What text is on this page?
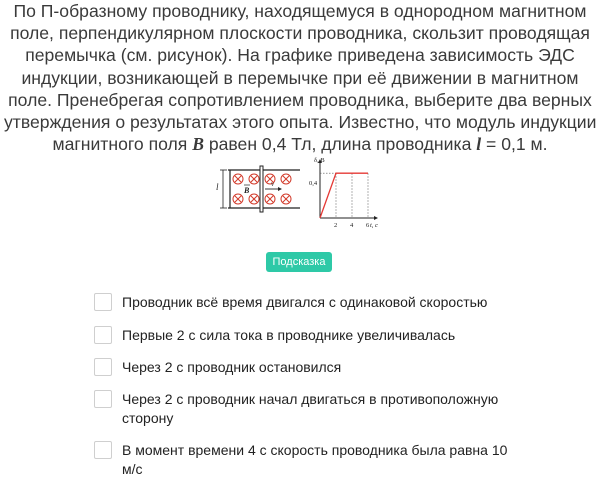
По П-образному проводнику, находящемуся в однородном магнитном
поле, перпендикулярном плоскости проводника, скользит проводящая
перемычка (см. рисунок). На графике приведена зависимость ЭДС
индукции, возникающей в перемычке при её движении в магнитном
поле. Пренебрегая сопротивлением проводника, выберите два верных
утверждения о результатах этого опыта. Известно, что модуль индукции
магнитного поля B равен 0,4 Тл, длина проводника l = 0,1 м.
l	v
B
δ, В
t, с
0,4
2 4 6
Подсказка
Проводник всё время двигался с одинаковой скоростью
Первые 2 с сила тока в проводнике увеличивалась
Через 2 с проводник остановился
Через 2 с проводник начал двигаться в противоположную сторону
В момент времени 4 с скорость проводника была равна 10 м/с
